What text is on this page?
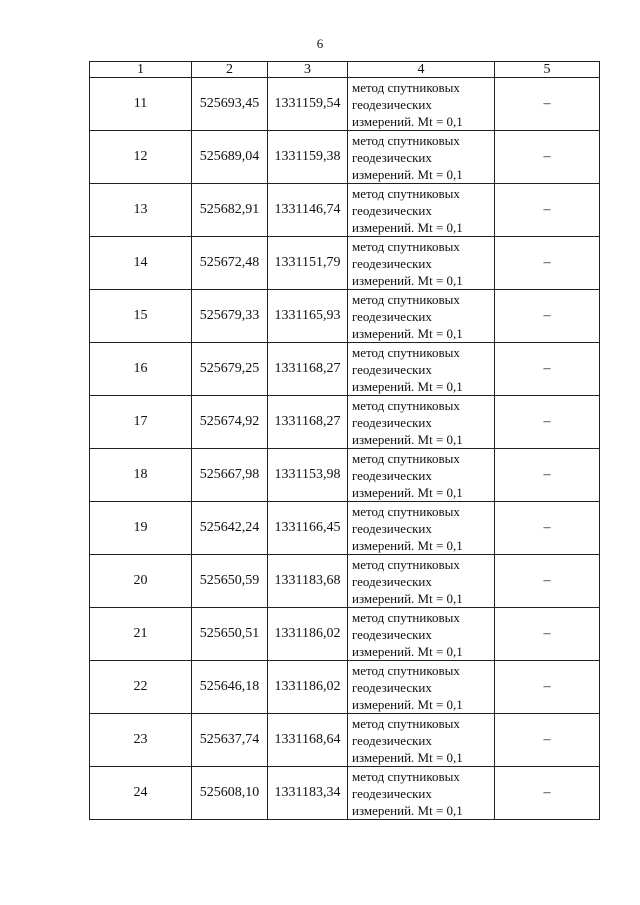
6
1	2	3	4	5
11	525693,45	1331159,54	метод спутниковых
геодезических
измерений. Mt = 0,1	–
12	525689,04	1331159,38	метод спутниковых
геодезических
измерений. Mt = 0,1	–
13	525682,91	1331146,74	метод спутниковых
геодезических
измерений. Mt = 0,1	–
14	525672,48	1331151,79	метод спутниковых
геодезических
измерений. Mt = 0,1	–
15	525679,33	1331165,93	метод спутниковых
геодезических
измерений. Mt = 0,1	–
16	525679,25	1331168,27	метод спутниковых
геодезических
измерений. Mt = 0,1	–
17	525674,92	1331168,27	метод спутниковых
геодезических
измерений. Mt = 0,1	–
18	525667,98	1331153,98	метод спутниковых
геодезических
измерений. Mt = 0,1	–
19	525642,24	1331166,45	метод спутниковых
геодезических
измерений. Mt = 0,1	–
20	525650,59	1331183,68	метод спутниковых
геодезических
измерений. Mt = 0,1	–
21	525650,51	1331186,02	метод спутниковых
геодезических
измерений. Mt = 0,1	–
22	525646,18	1331186,02	метод спутниковых
геодезических
измерений. Mt = 0,1	–
23	525637,74	1331168,64	метод спутниковых
геодезических
измерений. Mt = 0,1	–
24	525608,10	1331183,34	метод спутниковых
геодезических
измерений. Mt = 0,1	–
